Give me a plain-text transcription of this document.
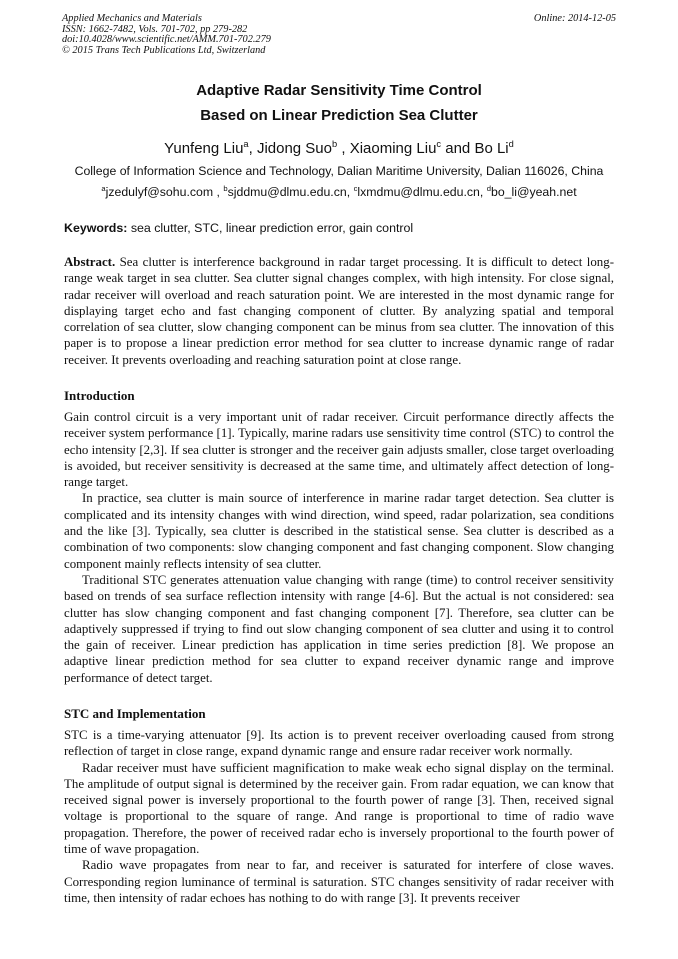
Applied Mechanics and Materials
ISSN: 1662-7482, Vols. 701-702, pp 279-282
doi:10.4028/www.scientific.net/AMM.701-702.279
© 2015 Trans Tech Publications Ltd, Switzerland
Online: 2014-12-05
Adaptive Radar Sensitivity Time Control
Based on Linear Prediction Sea Clutter
Yunfeng Liu$^a$, Jidong Suo$^b$ , Xiaoming Liu$^c$ and Bo Li$^d$
College of Information Science and Technology, Dalian Maritime University, Dalian 116026, China
$^a$jzedulyf@sohu.com , $^b$sjddmu@dlmu.edu.cn, $^c$lxmdmu@dlmu.edu.cn, $^d$bo_li@yeah.net
Keywords: sea clutter, STC, linear prediction error, gain control

Abstract. Sea clutter is interference background in radar target processing. It is difficult to detect long-range weak target in sea clutter. Sea clutter signal changes complex, with high intensity. For close signal, radar receiver will overload and reach saturation point. We are interested in the most dynamic range for displaying target echo and fast changing component of clutter. By analyzing spatial and temporal correlation of sea clutter, slow changing component can be minus from sea clutter. The innovation of this paper is to propose a linear prediction error method for sea clutter to increase dynamic range of radar receiver. It prevents overloading and reaching saturation point at close range.

Introduction

Gain control circuit is a very important unit of radar receiver. Circuit performance directly affects the receiver system performance [1]. Typically, marine radars use sensitivity time control (STC) to control the echo intensity [2,3]. If sea clutter is stronger and the receiver gain adjusts smaller, close target overloading is avoided, but receiver sensitivity is decreased at the same time, and ultimately affect detection of long-range target.

In practice, sea clutter is main source of interference in marine radar target detection. Sea clutter is complicated and its intensity changes with wind direction, wind speed, radar polarization, sea conditions and the like [3]. Typically, sea clutter is described in the statistical sense. Sea clutter is described as a combination of two components: slow changing component and fast changing component. Slow changing component mainly reflects intensity of sea clutter.

Traditional STC generates attenuation value changing with range (time) to control receiver sensitivity based on trends of sea surface reflection intensity with range [4-6]. But the actual is not considered: sea clutter has slow changing component and fast changing component [7]. Therefore, sea clutter can be adaptively suppressed if trying to find out slow changing component of sea clutter and using it to control the gain of receiver. Linear prediction has application in time series prediction [8]. We propose an adaptive linear prediction method for sea clutter to expand receiver dynamic range and improve performance of detect target.

STC and Implementation

STC is a time-varying attenuator [9]. Its action is to prevent receiver overloading caused from strong reflection of target in close range, expand dynamic range and ensure radar receiver work normally.

Radar receiver must have sufficient magnification to make weak echo signal display on the terminal. The amplitude of output signal is determined by the receiver gain. From radar equation, we can know that received signal power is inversely proportional to the fourth power of range [3]. Then, received signal voltage is proportional to the square of range. And range is proportional to time of radio wave propagation. Therefore, the power of received radar echo is inversely proportional to the fourth power of time of wave propagation.

Radio wave propagates from near to far, and receiver is saturated for interfere of close waves. Corresponding region luminance of terminal is saturation. STC changes sensitivity of radar receiver with time, then intensity of radar echoes has nothing to do with range [3]. It prevents receiver
